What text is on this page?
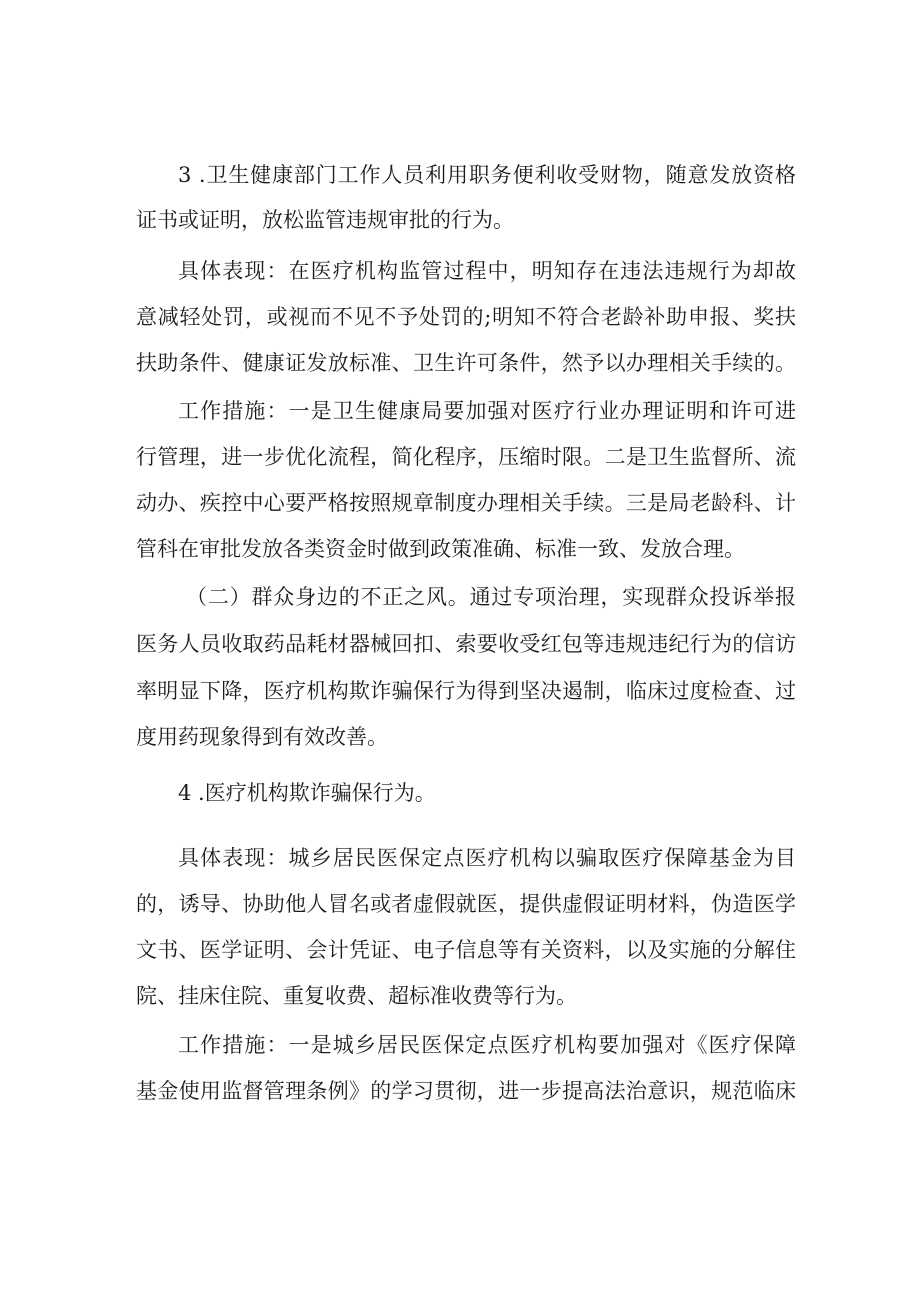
3 .卫生健康部门工作人员利用职务便利收受财物，随意发放资格
证书或证明，放松监管违规审批的行为。
具体表现：在医疗机构监管过程中，明知存在违法违规行为却故
意减轻处罚，或视而不见不予处罚的;明知不符合老龄补助申报、奖扶
扶助条件、健康证发放标准、卫生许可条件，然予以办理相关手续的。
工作措施：一是卫生健康局要加强对医疗行业办理证明和许可进
行管理，进一步优化流程，简化程序，压缩时限。二是卫生监督所、流
动办、疾控中心要严格按照规章制度办理相关手续。三是局老龄科、计
管科在审批发放各类资金时做到政策准确、标准一致、发放合理。
（二）群众身边的不正之风。通过专项治理，实现群众投诉举报
医务人员收取药品耗材器械回扣、索要收受红包等违规违纪行为的信访
率明显下降，医疗机构欺诈骗保行为得到坚决遏制，临床过度检查、过
度用药现象得到有效改善。
4 .医疗机构欺诈骗保行为。
具体表现：城乡居民医保定点医疗机构以骗取医疗保障基金为目
的，诱导、协助他人冒名或者虚假就医，提供虚假证明材料，伪造医学
文书、医学证明、会计凭证、电子信息等有关资料，以及实施的分解住
院、挂床住院、重复收费、超标准收费等行为。
工作措施：一是城乡居民医保定点医疗机构要加强对《医疗保障
基金使用监督管理条例》的学习贯彻，进一步提高法治意识，规范临床
